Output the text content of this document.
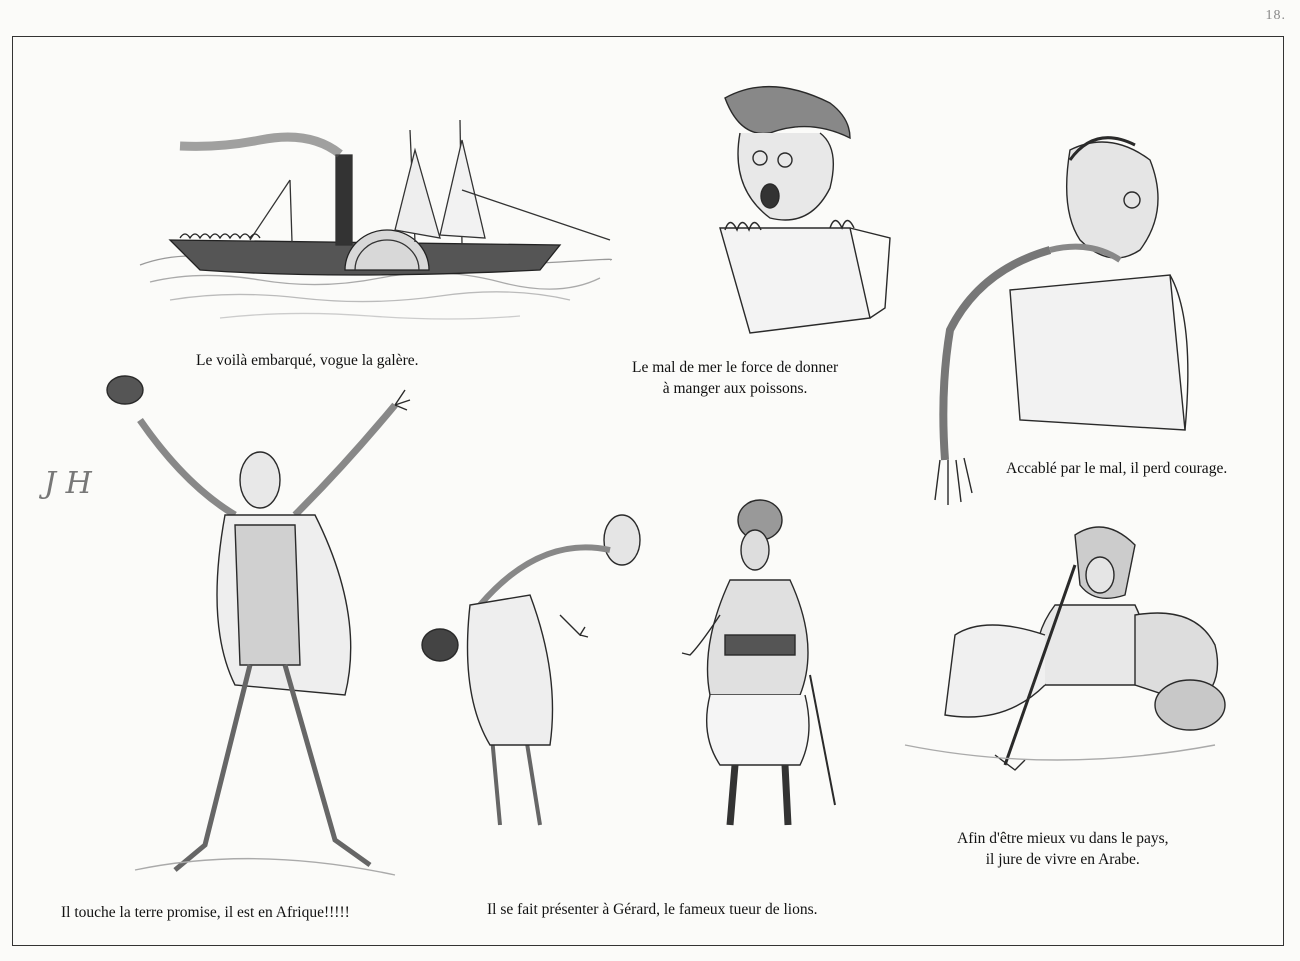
18.
J H
Le voilà embarqué, vogue la galère.	Le mal de mer le force de donner
à manger aux poissons.
Accablé par le mal, il perd courage.
Il touche la terre promise, il est en Afrique!!!!!	Il se fait présenter à Gérard, le fameux tueur de lions.
Afin d'être mieux vu dans le pays,
il jure de vivre en Arabe.
